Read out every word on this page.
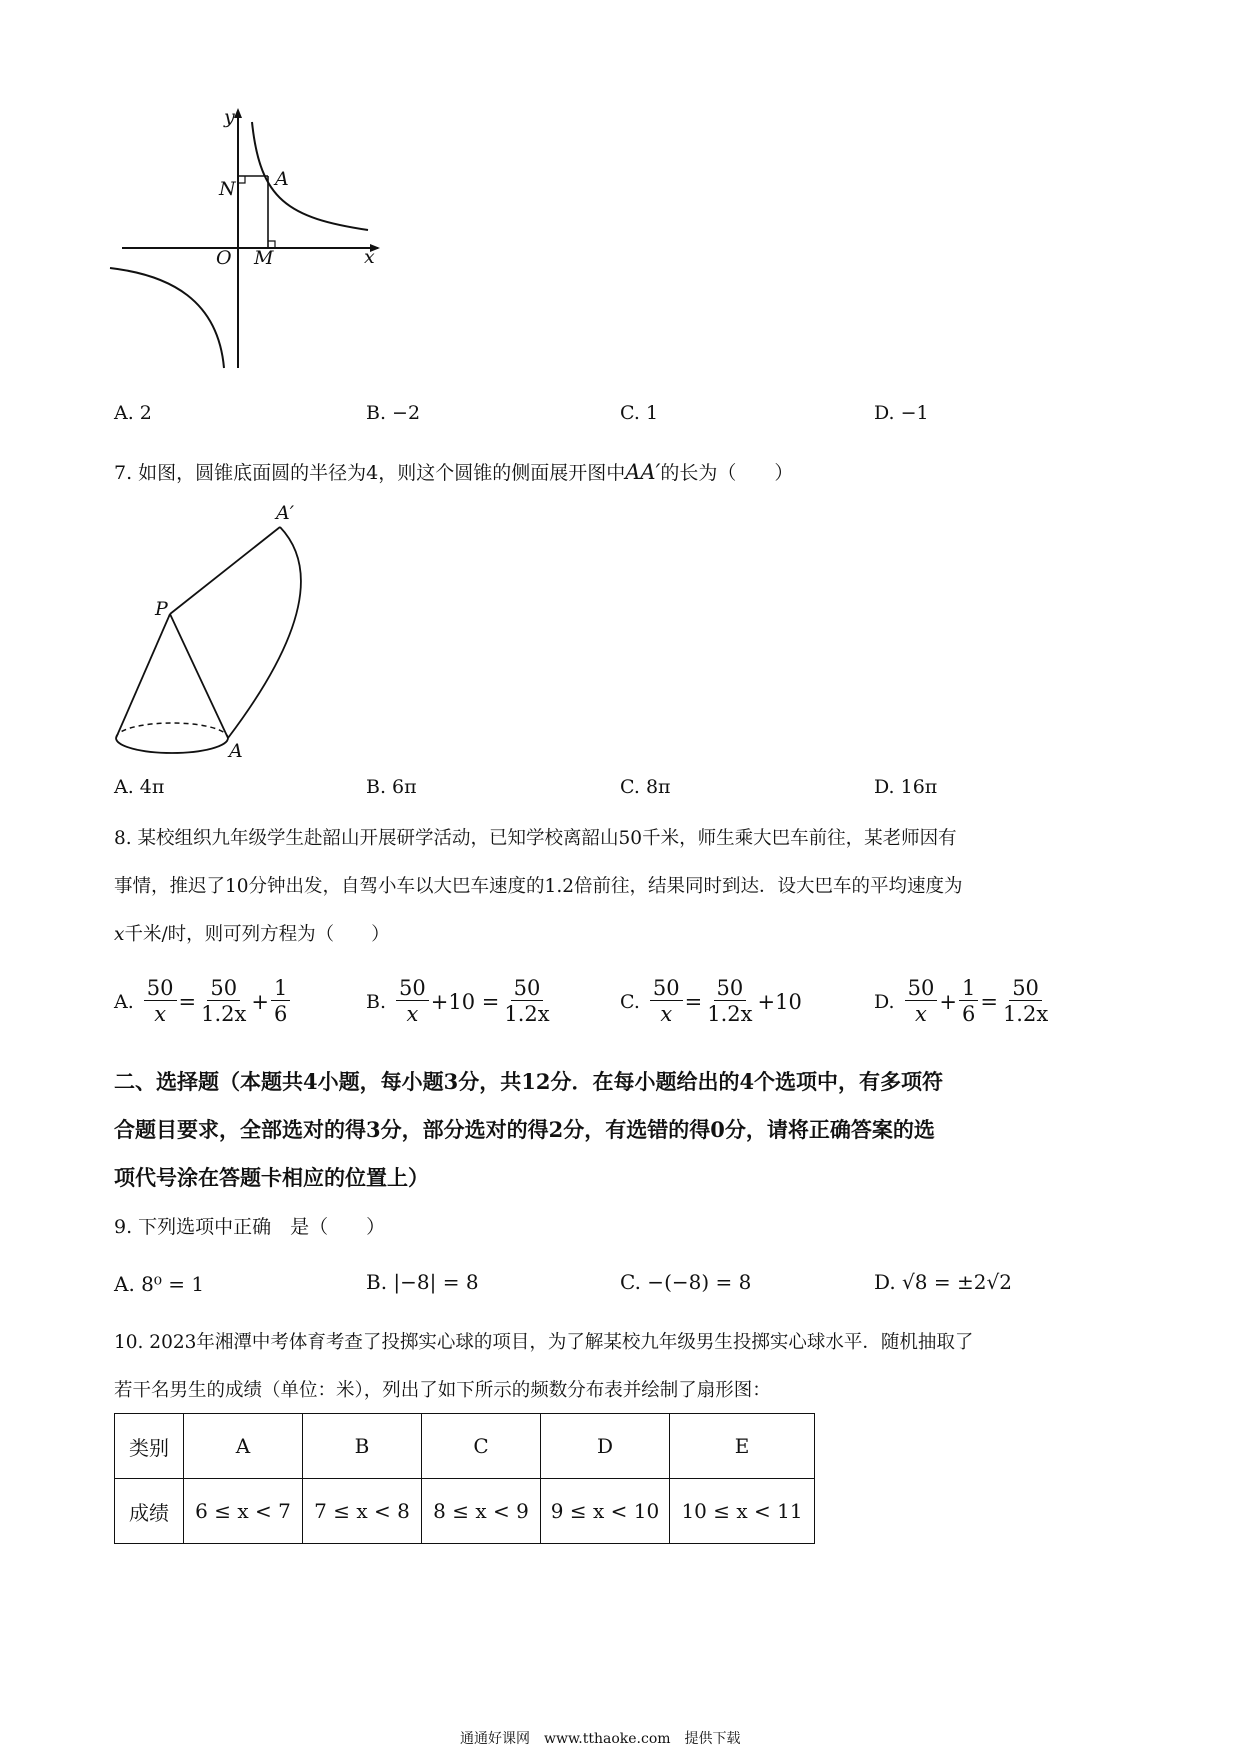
y
x
O M
N A
A. 2	B. −2	C. 1	D. −1
7. 如图，圆锥底面圆的半径为4，则这个圆锥的侧面展开图中AA′的长为（　　）
A′
P
A
A. 4π	B. 6π	C. 8π	D. 16π
8. 某校组织九年级学生赴韶山开展研学活动，已知学校离韶山50千米，师生乘大巴车前往，某老师因有
事情，推迟了10分钟出发，自驾小车以大巴车速度的1.2倍前往，结果同时到达．设大巴车的平均速度为
x千米/时，则可列方程为（　　）
A. $\frac{50}{x} = \frac{50}{1.2x} + \frac{1}{6}$	B. $\frac{50}{x} +10 = \frac{50}{1.2x}$	C. $\frac{50}{x} = \frac{50}{1.2x} +10$	D. $\frac{50}{x} + \frac{1}{6} = \frac{50}{1.2x}$
二、选择题（本题共4小题，每小题3分，共12分．在每小题给出的4个选项中，有多项符
合题目要求，全部选对的得3分，部分选对的得2分，有选错的得0分，请将正确答案的选
项代号涂在答题卡相应的位置上）
9. 下列选项中正确　是（　　）
A. 8⁰ = 1	B. |−8| = 8	C. −(−8) = 8	D. √8 = ±2√2
10. 2023年湘潭中考体育考查了投掷实心球的项目，为了解某校九年级男生投掷实心球水平．随机抽取了
若干名男生的成绩（单位：米），列出了如下所示的频数分布表并绘制了扇形图：
类别	A	B	C	D	E
成绩	6 ≤ x < 7	7 ≤ x < 8	8 ≤ x < 9	9 ≤ x < 10	10 ≤ x < 11
通通好课网　www.tthaoke.com　提供下载
